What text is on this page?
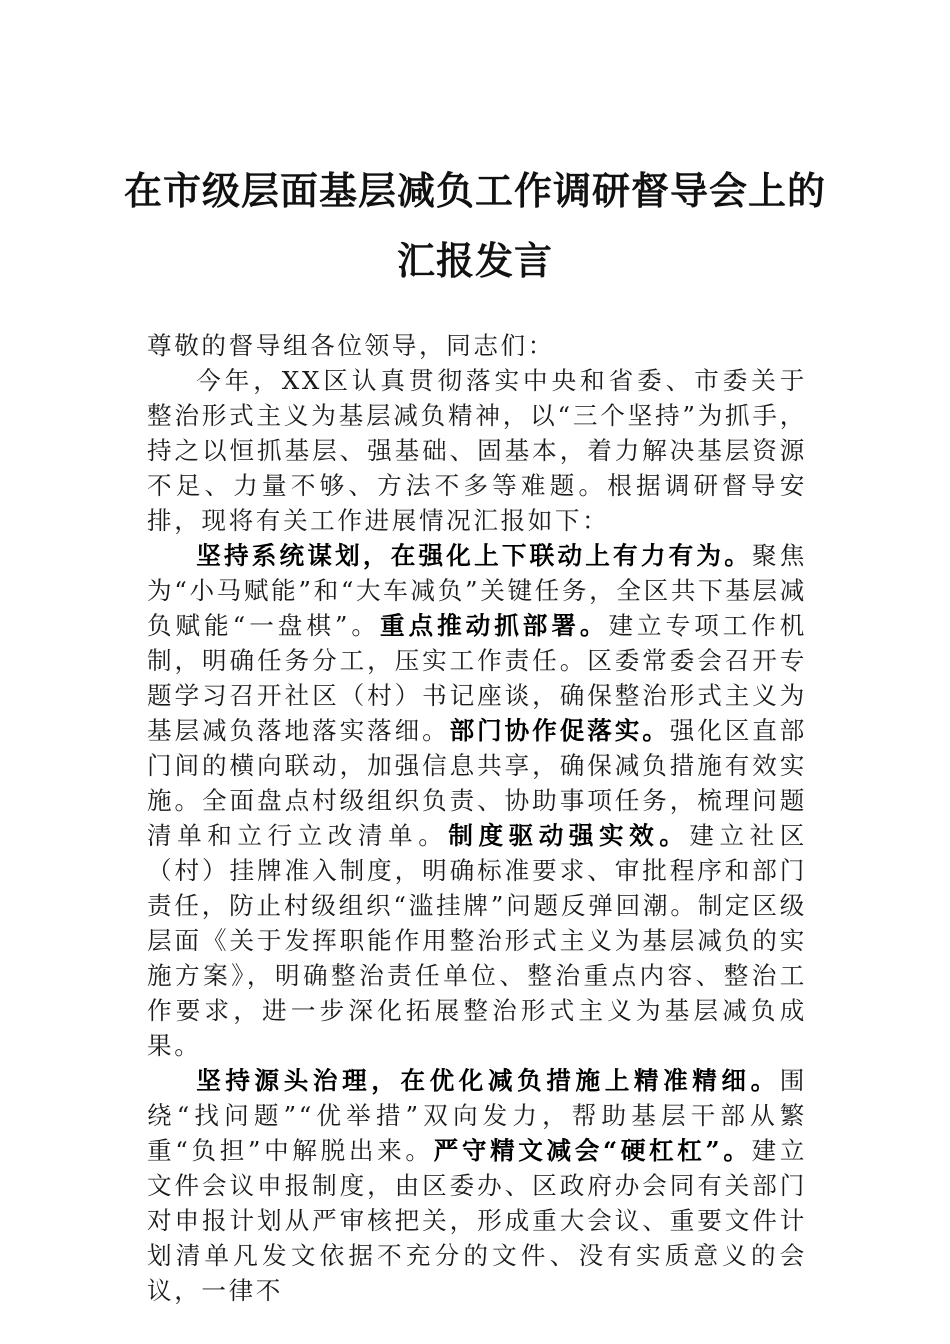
在市级层面基层减负工作调研督导会上的
汇报发言

尊敬的督导组各位领导，同志们：

今年，XX区认真贯彻落实中央和省委、市委关于整治形式主义为基层减负精神，以“三个坚持”为抓手，持之以恒抓基层、强基础、固基本，着力解决基层资源不足、力量不够、方法不多等难题。根据调研督导安排，现将有关工作进展情况汇报如下：

坚持系统谋划，在强化上下联动上有力有为。聚焦为“小马赋能”和“大车减负”关键任务，全区共下基层减负赋能“一盘棋”。重点推动抓部署。建立专项工作机制，明确任务分工，压实工作责任。区委常委会召开专题学习召开社区（村）书记座谈，确保整治形式主义为基层减负落地落实落细。部门协作促落实。强化区直部门间的横向联动，加强信息共享，确保减负措施有效实施。全面盘点村级组织负责、协助事项任务，梳理问题清单和立行立改清单。制度驱动强实效。建立社区（村）挂牌准入制度，明确标准要求、审批程序和部门责任，防止村级组织“滥挂牌”问题反弹回潮。制定区级层面《关于发挥职能作用整治形式主义为基层减负的实施方案》，明确整治责任单位、整治重点内容、整治工作要求，进一步深化拓展整治形式主义为基层减负成果。

坚持源头治理，在优化减负措施上精准精细。围绕“找问题”“优举措”双向发力，帮助基层干部从繁重“负担”中解脱出来。严守精文减会“硬杠杠”。建立文件会议申报制度，由区委办、区政府办会同有关部门对申报计划从严审核把关，形成重大会议、重要文件计划清单凡发文依据不充分的文件、没有实质意义的会议，一律不
